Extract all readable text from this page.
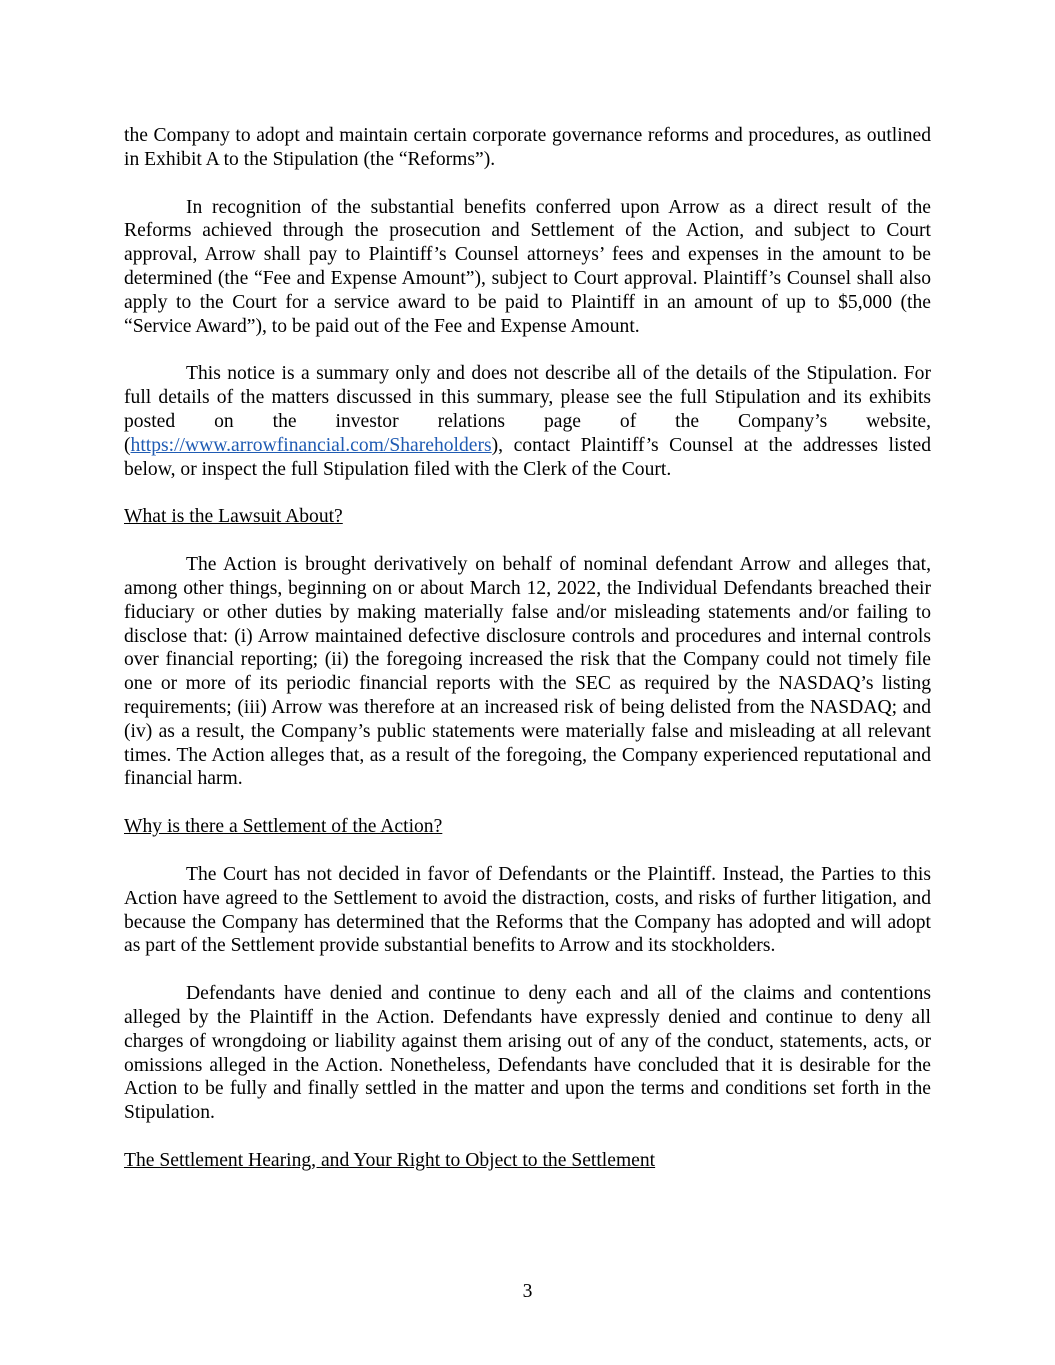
the Company to adopt and maintain certain corporate governance reforms and procedures, as outlined in Exhibit A to the Stipulation (the “Reforms”).

In recognition of the substantial benefits conferred upon Arrow as a direct result of the Reforms achieved through the prosecution and Settlement of the Action, and subject to Court approval, Arrow shall pay to Plaintiff’s Counsel attorneys’ fees and expenses in the amount to be determined (the “Fee and Expense Amount”), subject to Court approval. Plaintiff’s Counsel shall also apply to the Court for a service award to be paid to Plaintiff in an amount of up to $5,000 (the “Service Award”), to be paid out of the Fee and Expense Amount.

This notice is a summary only and does not describe all of the details of the Stipulation. For full details of the matters discussed in this summary, please see the full Stipulation and its exhibits posted on the investor relations page of the Company’s website, (https://www.arrowfinancial.com/Shareholders), contact Plaintiff’s Counsel at the addresses listed below, or inspect the full Stipulation filed with the Clerk of the Court.

What is the Lawsuit About?

The Action is brought derivatively on behalf of nominal defendant Arrow and alleges that, among other things, beginning on or about March 12, 2022, the Individual Defendants breached their fiduciary or other duties by making materially false and/or misleading statements and/or failing to disclose that: (i) Arrow maintained defective disclosure controls and procedures and internal controls over financial reporting; (ii) the foregoing increased the risk that the Company could not timely file one or more of its periodic financial reports with the SEC as required by the NASDAQ’s listing requirements; (iii) Arrow was therefore at an increased risk of being delisted from the NASDAQ; and (iv) as a result, the Company’s public statements were materially false and misleading at all relevant times. The Action alleges that, as a result of the foregoing, the Company experienced reputational and financial harm.

Why is there a Settlement of the Action?

The Court has not decided in favor of Defendants or the Plaintiff. Instead, the Parties to this Action have agreed to the Settlement to avoid the distraction, costs, and risks of further litigation, and because the Company has determined that the Reforms that the Company has adopted and will adopt as part of the Settlement provide substantial benefits to Arrow and its stockholders.

Defendants have denied and continue to deny each and all of the claims and contentions alleged by the Plaintiff in the Action. Defendants have expressly denied and continue to deny all charges of wrongdoing or liability against them arising out of any of the conduct, statements, acts, or omissions alleged in the Action. Nonetheless, Defendants have concluded that it is desirable for the Action to be fully and finally settled in the matter and upon the terms and conditions set forth in the Stipulation.

The Settlement Hearing, and Your Right to Object to the Settlement
3
